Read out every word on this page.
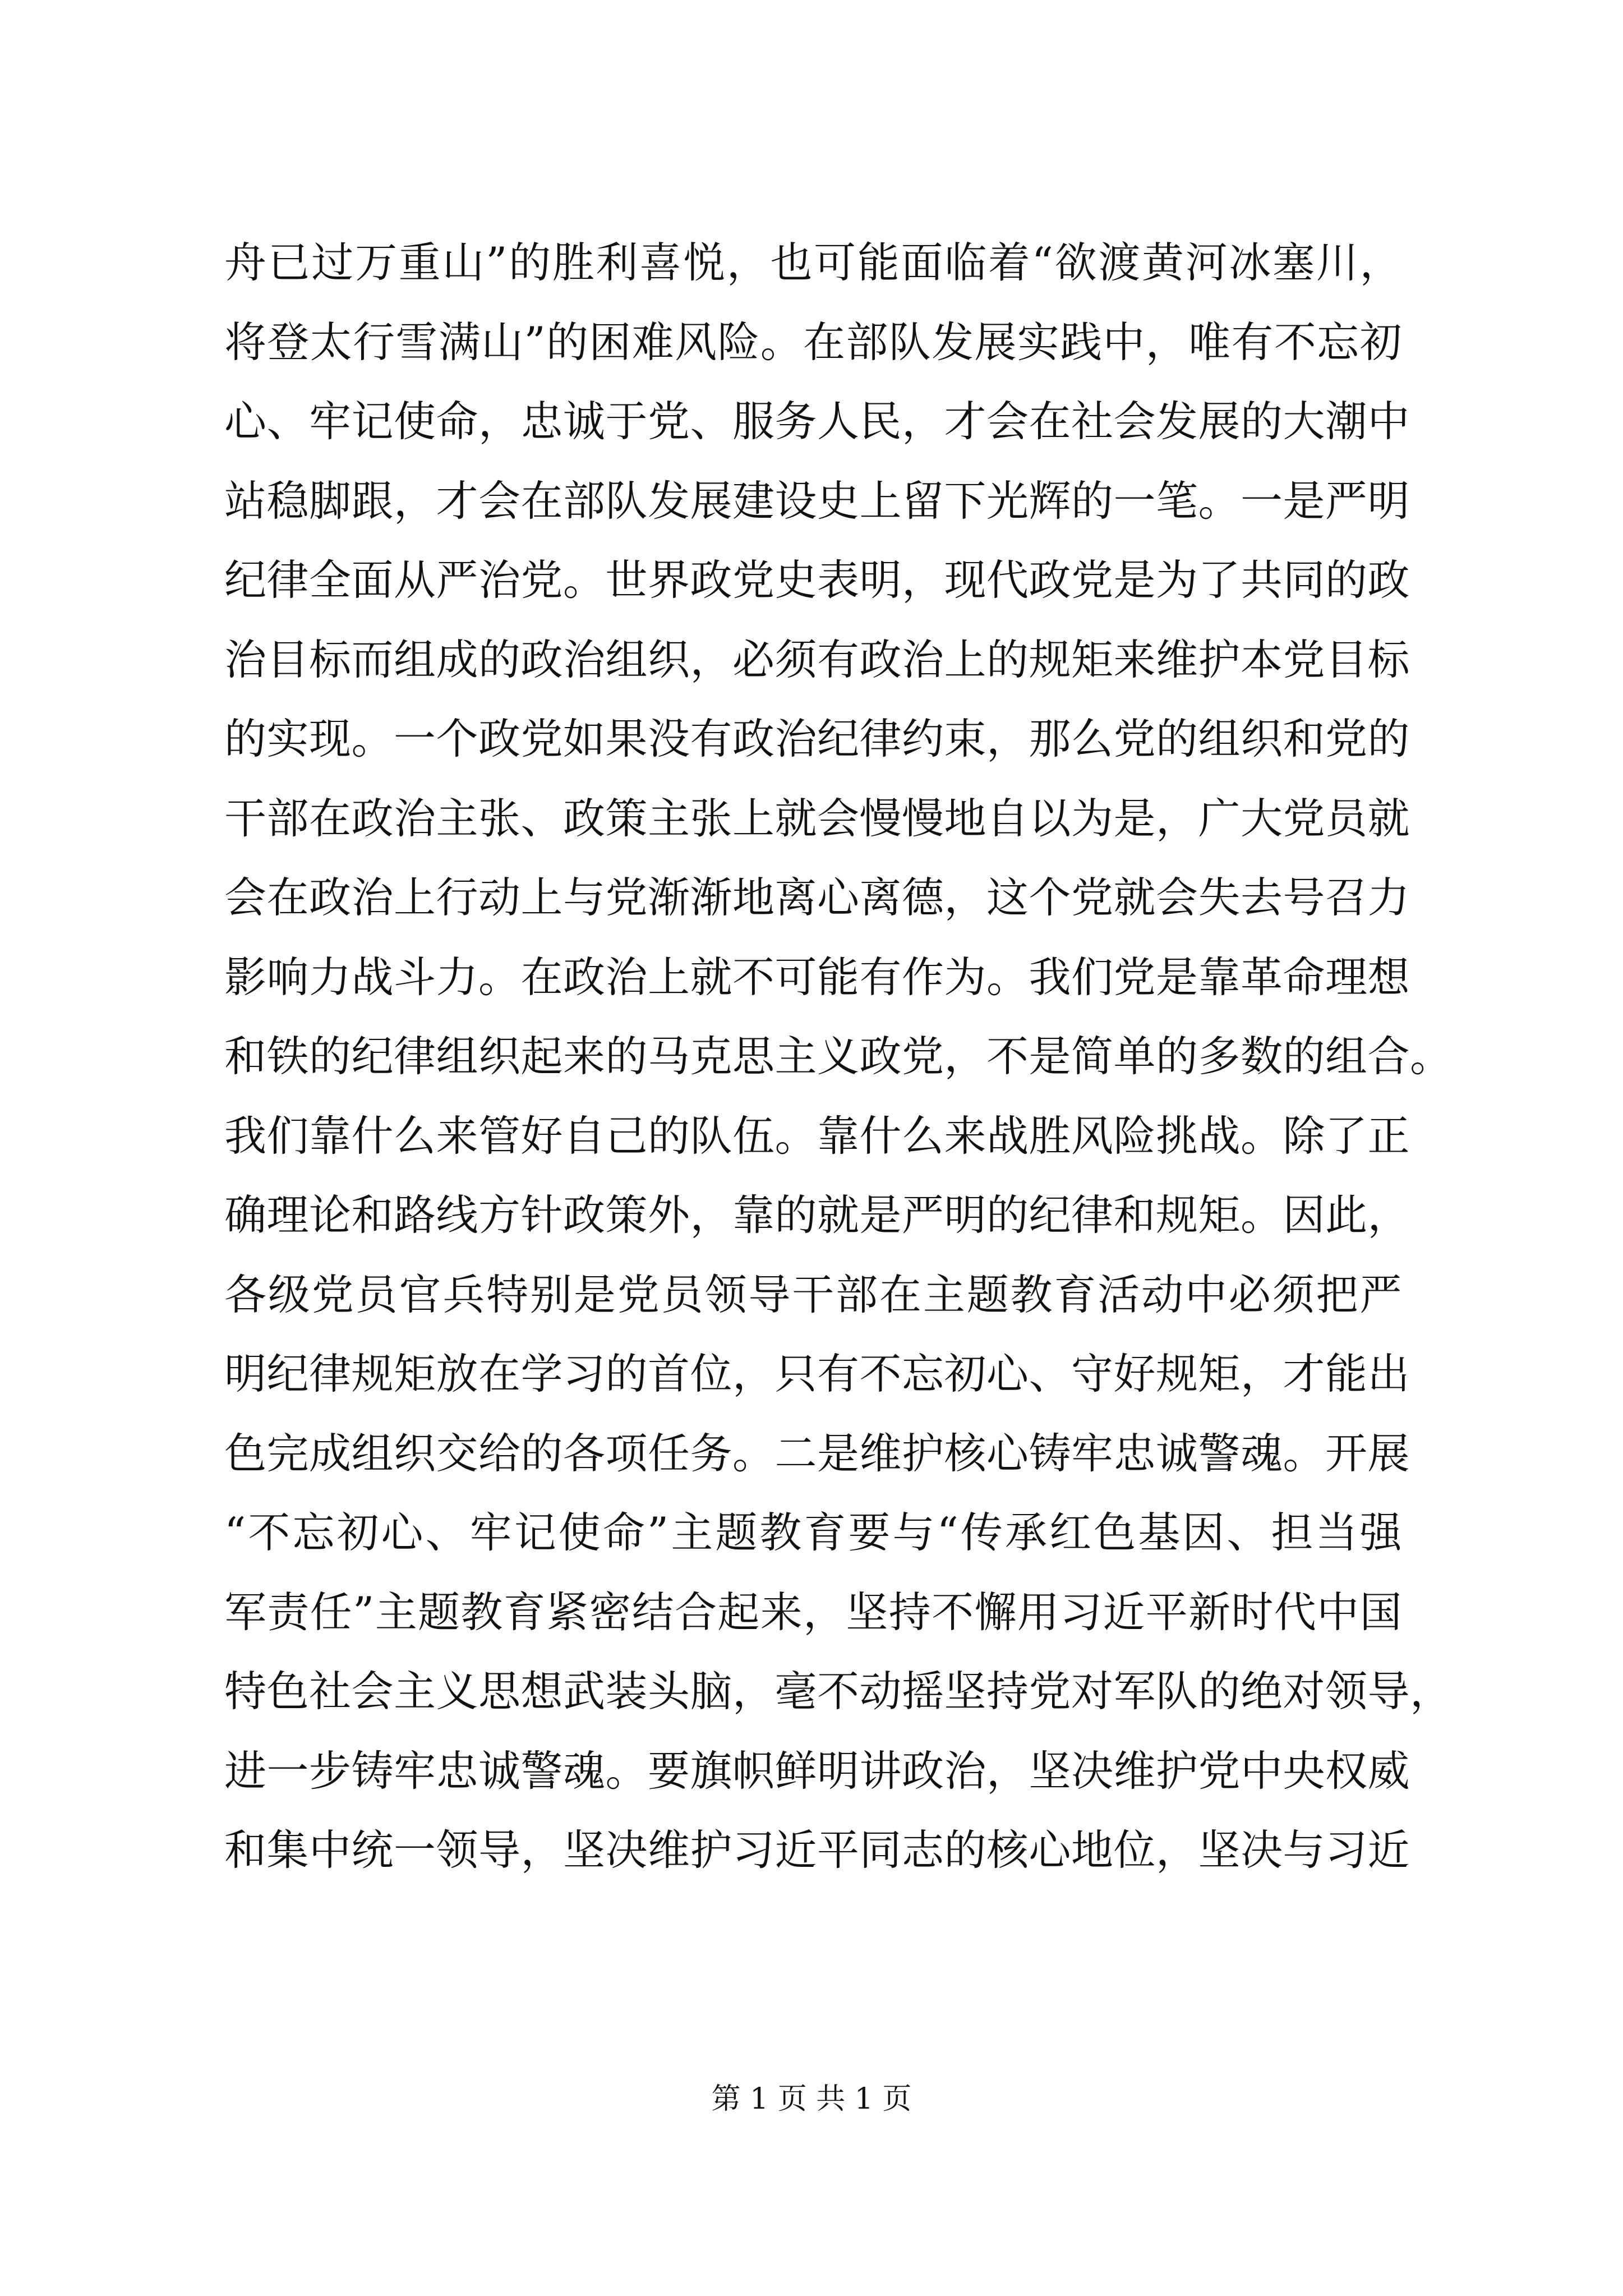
舟已过万重山”的胜利喜悦，也可能面临着“欲渡黄河冰塞川，
将登太行雪满山”的困难风险。在部队发展实践中，唯有不忘初
心、牢记使命，忠诚于党、服务人民，才会在社会发展的大潮中
站稳脚跟，才会在部队发展建设史上留下光辉的一笔。一是严明
纪律全面从严治党。世界政党史表明，现代政党是为了共同的政
治目标而组成的政治组织，必须有政治上的规矩来维护本党目标
的实现。一个政党如果没有政治纪律约束，那么党的组织和党的
干部在政治主张、政策主张上就会慢慢地自以为是，广大党员就
会在政治上行动上与党渐渐地离心离德，这个党就会失去号召力
影响力战斗力。在政治上就不可能有作为。我们党是靠革命理想
和铁的纪律组织起来的马克思主义政党，不是简单的多数的组合。
我们靠什么来管好自己的队伍。靠什么来战胜风险挑战。除了正
确理论和路线方针政策外，靠的就是严明的纪律和规矩。因此，
各级党员官兵特别是党员领导干部在主题教育活动中必须把严
明纪律规矩放在学习的首位，只有不忘初心、守好规矩，才能出
色完成组织交给的各项任务。二是维护核心铸牢忠诚警魂。开展
“不忘初心、牢记使命”主题教育要与“传承红色基因、担当强
军责任”主题教育紧密结合起来，坚持不懈用习近平新时代中国
特色社会主义思想武装头脑，毫不动摇坚持党对军队的绝对领导，
进一步铸牢忠诚警魂。要旗帜鲜明讲政治，坚决维护党中央权威
和集中统一领导，坚决维护习近平同志的核心地位，坚决与习近
第 1 页 共 1 页
